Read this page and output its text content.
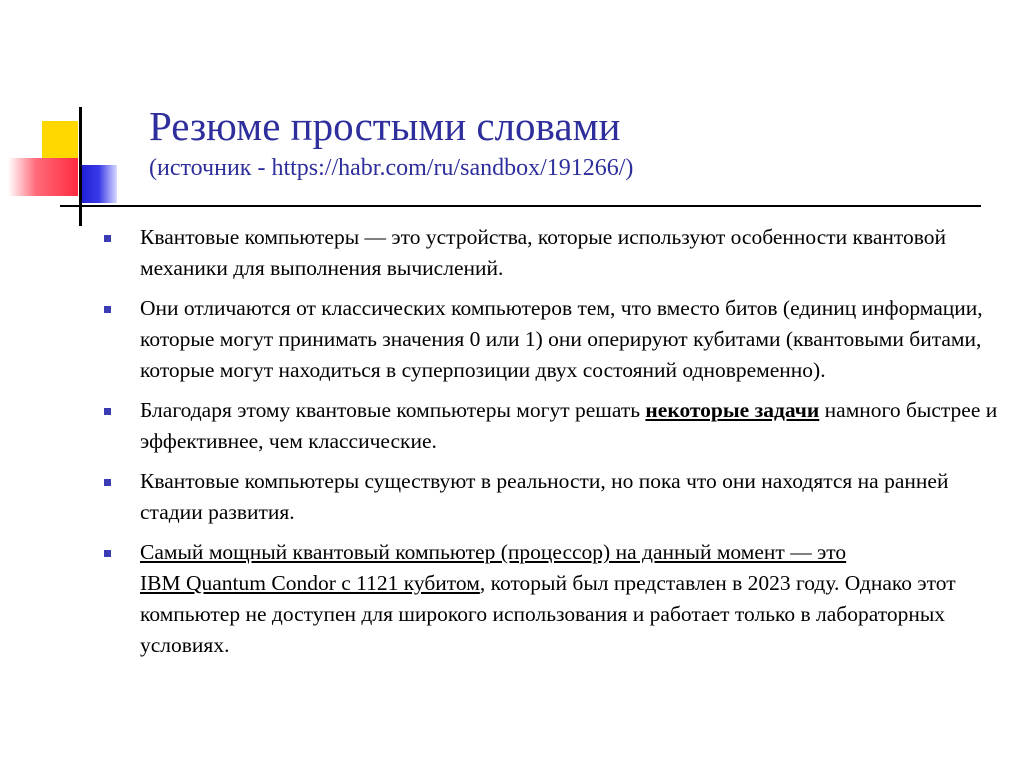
Резюме простыми словами
(источник - https://habr.com/ru/sandbox/191266/)
Квантовые компьютеры — это устройства, которые используют особенности квантовой механики для выполнения вычислений.
Они отличаются от классических компьютеров тем, что вместо битов (единиц информации, которые могут принимать значения 0 или 1) они оперируют кубитами (квантовыми битами, которые могут находиться в суперпозиции двух состояний одновременно).
Благодаря этому квантовые компьютеры могут решать некоторые задачи намного быстрее и эффективнее, чем классические.
Квантовые компьютеры существуют в реальности, но пока что они находятся на ранней стадии развития.
Самый мощный квантовый компьютер (процессор) на данный момент — это
IBM Quantum Condor с 1121 кубитом, который был представлен в 2023 году. Однако этот компьютер не доступен для широкого использования и работает только в лабораторных условиях.
